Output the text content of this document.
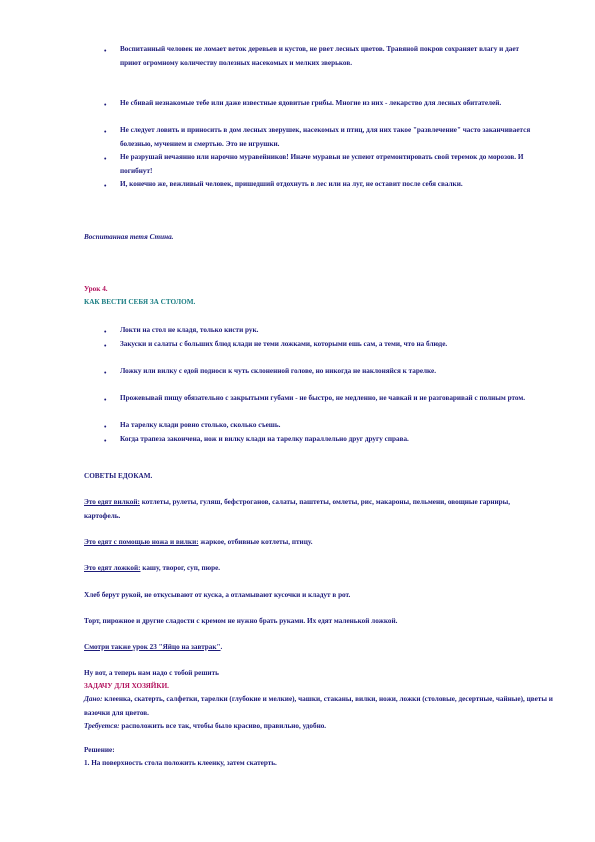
• Воспитанный человек не ломает веток деревьев и кустов, не рвет лесных цветов. Травяной покров сохраняет влагу и дает приют огромному количеству полезных насекомых и мелких зверьков.
• Не сбивай незнакомые тебе или даже известные ядовитые грибы. Многие из них - лекарство для лесных обитателей.
• Не следует ловить и приносить в дом лесных зверушек, насекомых и птиц, для них такое "развлечение" часто заканчивается болезнью, мучением и смертью. Это не игрушки.
• Не разрушай нечаянно или нарочно муравейников! Иначе муравьи не успеют отремонтировать свой теремок до морозов. И погибнут!
• И, конечно же, вежливый человек, пришедший отдохнуть в лес или на луг, не оставит после себя свалки.
Воспитанная тетя Стина.
Урок 4.
КАК ВЕСТИ СЕБЯ ЗА СТОЛОМ.
• Локти на стол не кладя, только кисти рук.
• Закуски и салаты с больших блюд клади не теми ложками, которыми ешь сам, а теми, что на блюде.
• Ложку или вилку с едой подноси к чуть склоненной голове, но никогда не наклоняйся к тарелке.
• Прожевывай пищу обязательно с закрытыми губами - не быстро, не медленно, не чавкай и не разговаривай с полным ртом.
• На тарелку клади ровно столько, сколько съешь.
• Когда трапеза закончена, нож и вилку клади на тарелку параллельно друг другу справа.
СОВЕТЫ ЕДОКАМ.
Это едят вилкой: котлеты, рулеты, гуляш, бефстроганов, салаты, паштеты, омлеты, рис, макароны, пельмени, овощные гарниры, картофель.
Это едят с помощью ножа и вилки: жаркое, отбивные котлеты, птицу.
Это едят ложкой: кашу, творог, суп, пюре.
Хлеб берут рукой, не откусывают от куска, а отламывают кусочки и кладут в рот.
Торт, пирожное и другие сладости с кремом не нужно брать руками. Их едят маленькой ложкой.
Смотри также урок 23 "Яйцо на завтрак".
Ну вот, а теперь нам надо с тобой решить
ЗАДАЧУ ДЛЯ ХОЗЯЙКИ.
Дано: клеенка, скатерть, салфетки, тарелки (глубокие и мелкие), чашки, стаканы, вилки, ножи, ложки (столовые, десертные, чайные), цветы и вазочки для цветов.
Требуется: расположить все так, чтобы было красиво, правильно, удобно.
Решение:
1. На поверхность стола положить клеенку, затем скатерть.
